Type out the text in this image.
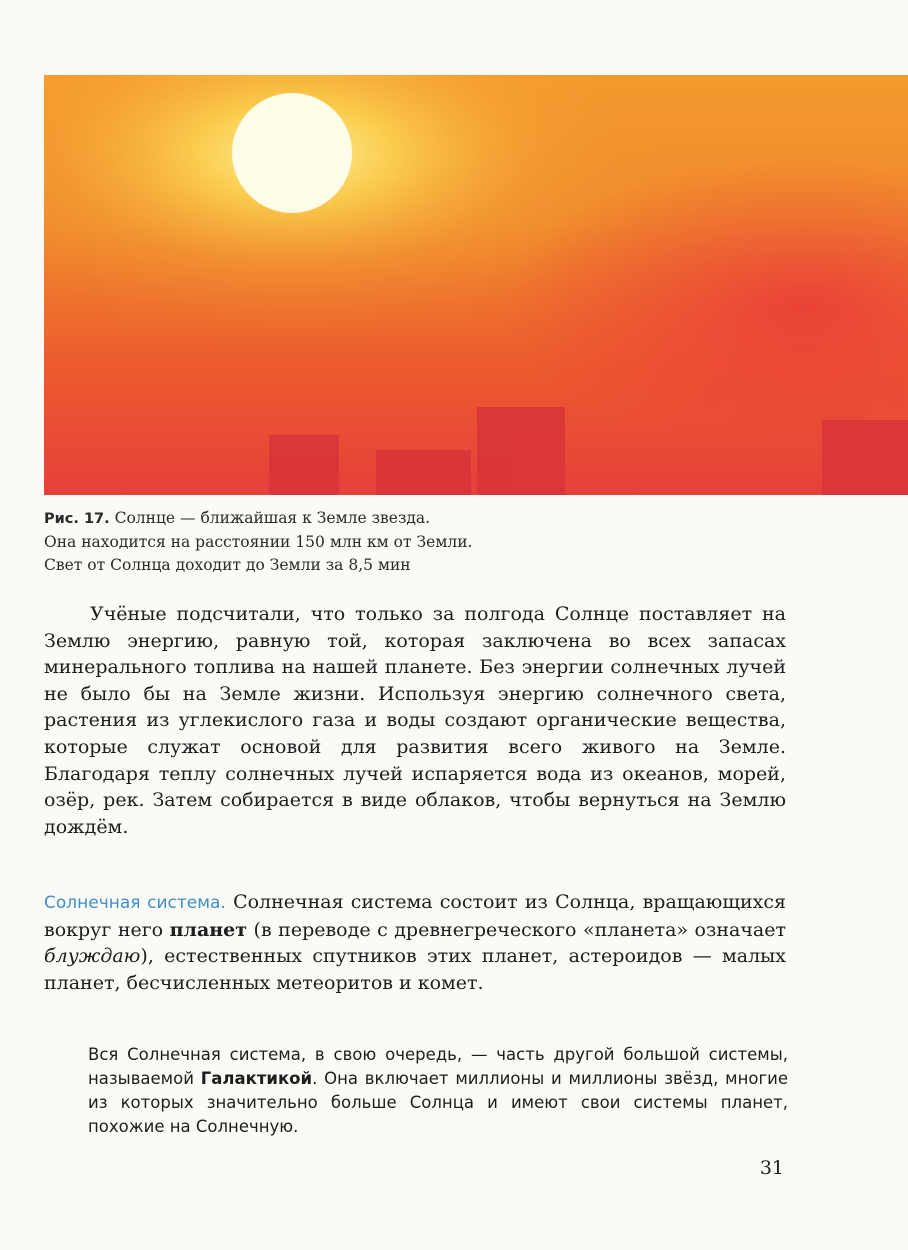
Рис. 17. Солнце — ближайшая к Земле звезда.
Она находится на расстоянии 150 млн км от Земли.
Свет от Солнца доходит до Земли за 8,5 мин

Учёные подсчитали, что только за полгода Солнце поставляет на Землю энергию, равную той, которая заключена во всех запасах минерального топлива на нашей планете. Без энергии солнечных лучей не было бы на Земле жизни. Используя энергию солнечного света, растения из углекислого газа и воды создают органические вещества, которые служат основой для развития всего живого на Земле. Благодаря теплу солнечных лучей испаряется вода из океанов, морей, озёр, рек. Затем собирается в виде облаков, чтобы вернуться на Землю дождём.

Солнечная система. Солнечная система состоит из Солнца, вращающихся вокруг него планет (в переводе с древнегреческого «планета» означает блуждаю), естественных спутников этих планет, астероидов — малых планет, бесчисленных метеоритов и комет.

Вся Солнечная система, в свою очередь, — часть другой большой системы, называемой Галактикой. Она включает миллионы и миллионы звёзд, многие из которых значительно больше Солнца и имеют свои системы планет, похожие на Солнечную.

31
